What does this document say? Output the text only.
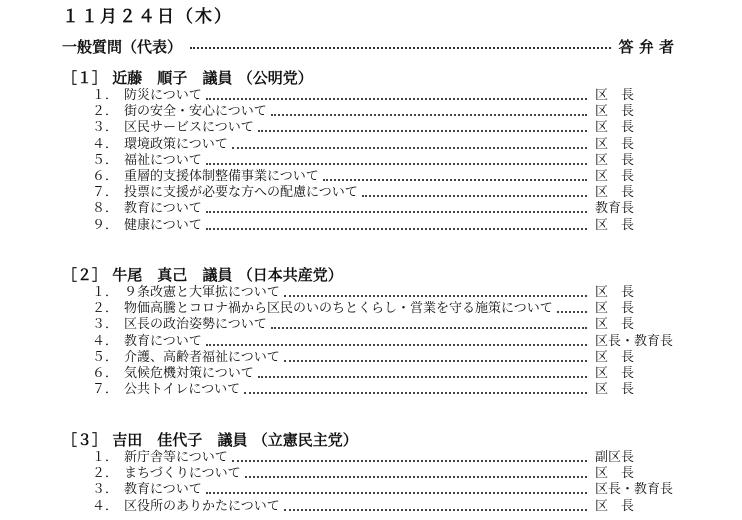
１１月２４日（木）
一般質問（代表）	答 弁 者
［１］ 近藤　順子 議員 （公明党）
１． 防災について	区　長
２． 街の安全・安心について	区　長
３． 区民サービスについて	区　長
４． 環境政策について	区　長
５． 福祉について	区　長
６． 重層的支援体制整備事業について	区　長
７． 投票に支援が必要な方への配慮について	区　長
８． 教育について	教育長
９． 健康について	区　長
［２］ 牛尾　真己 議員 （日本共産党）
１． ９条改憲と大軍拡について	区　長
２． 物価高騰とコロナ禍から区民のいのちとくらし・営業を守る施策について	区　長
３． 区長の政治姿勢について	区　長
４． 教育について	区長・教育長
５． 介護、高齢者福祉について	区　長
６． 気候危機対策について	区　長
７． 公共トイレについて	区　長
［３］ 吉田　佳代子 議員 （立憲民主党）
１． 新庁舎等について	副区長
２． まちづくりについて	区　長
３． 教育について	区長・教育長
４． 区役所のありかたについて	区　長
